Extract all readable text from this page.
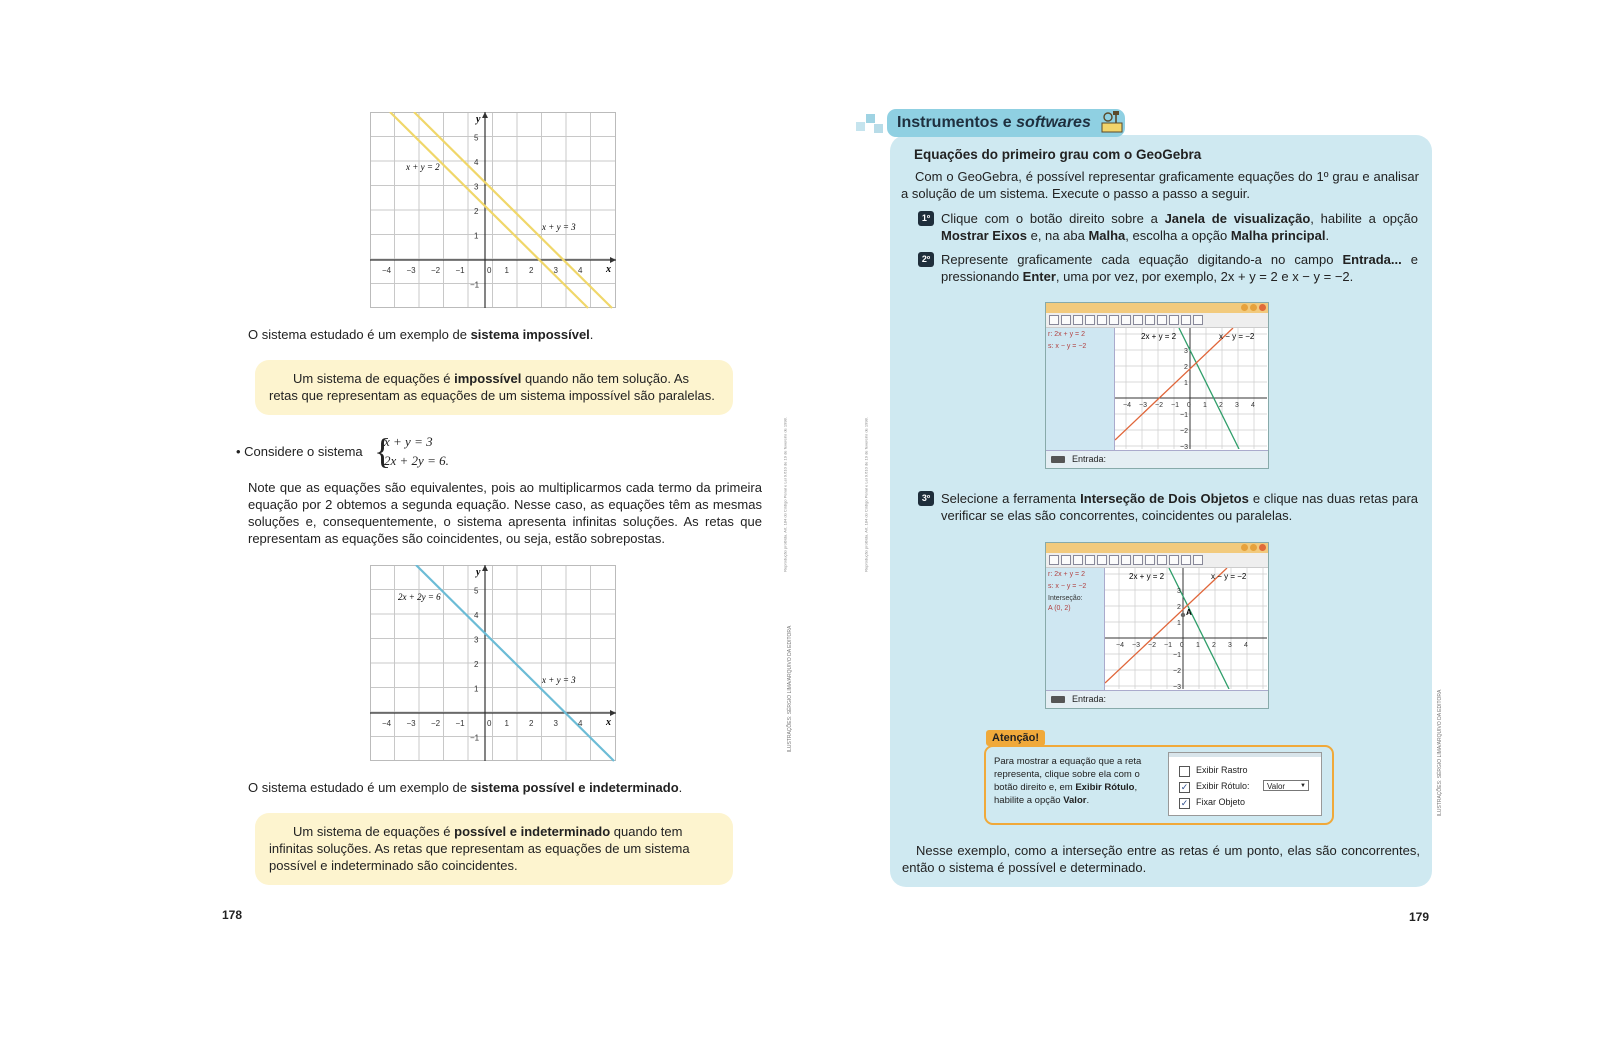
x + y = 2
x + y = 3
x
y
−4 −3 −2 −1	0 1	2	3	4
5
4
3
2
1
−1
O sistema estudado é um exemplo de sistema impossível.
Um sistema de equações é impossível quando não tem solução. As retas que representam as equações de um sistema impossível são paralelas.
• Considere o sistema {
x + y = 3
2x + 2y = 6.
Note que as equações são equivalentes, pois ao multiplicarmos cada termo da primeira equação por 2 obtemos a segunda equação. Nesse caso, as equações têm as mesmas soluções e, consequentemente, o sistema apresenta infinitas soluções. As retas que representam as equações são coincidentes, ou seja, estão sobrepostas.
2x + 2y = 6
x + y = 3
x
y
−4 −3 −2 −1	0 1	2	3	4
5
4
3
2
1
−1
O sistema estudado é um exemplo de sistema possível e indeterminado.
Um sistema de equações é possível e indeterminado quando tem infinitas soluções. As retas que representam as equações de um sistema possível e indeterminado são coincidentes.
178
ILUSTRAÇÕES: SÉRGIO LIMA/ARQUIVO DA EDITORA
Reprodução proibida. Art. 184 do Código Penal e Lei 9.610 de 19 de fevereiro de 1998.	Reprodução proibida. Art. 184 do Código Penal e Lei 9.610 de 19 de fevereiro de 1998.
Instrumentos e softwares
Equações do primeiro grau com o GeoGebra
Com o GeoGebra, é possível representar graficamente equações do 1º grau e analisar a solução de um sistema. Execute o passo a passo a seguir.
1º Clique com o botão direito sobre a Janela de visualização, habilite a opção Mostrar Eixos e, na aba Malha, escolha a opção Malha principal.
2º Represente graficamente cada equação digitando-a no campo Entrada... e pressionando Enter, uma por vez, por exemplo, 2x + y = 2 e x − y = −2.
r: 2x + y = 2
s: x − y = −2
2x + y = 2	x − y = −2
−4 −3 −2 −1 0 1 2 3 4
3
2
1
−1
−2
−3
Entrada:
3º Selecione a ferramenta Interseção de Dois Objetos e clique nas duas retas para verificar se elas são concorrentes, coincidentes ou paralelas.
r: 2x + y = 2
s: x − y = −2
Interseção:
A (0, 2)	A
2x + y = 2	x − y = −2
−4 −3 −2 −1 0 1 2 3 4
3
2
1
−1
−2
−3
Entrada:
Atenção!
Para mostrar a equação que a reta representa, clique sobre ela com o botão direito e, em Exibir Rótulo, habilite a opção Valor.
Exibir Rastro
✓ Exibir Rótulo:	Valor ▼
✓ Fixar Objeto
Nesse exemplo, como a interseção entre as retas é um ponto, elas são concorrentes, então o sistema é possível e determinado.
179
ILUSTRAÇÕES: SÉRGIO LIMA/ARQUIVO DA EDITORA
